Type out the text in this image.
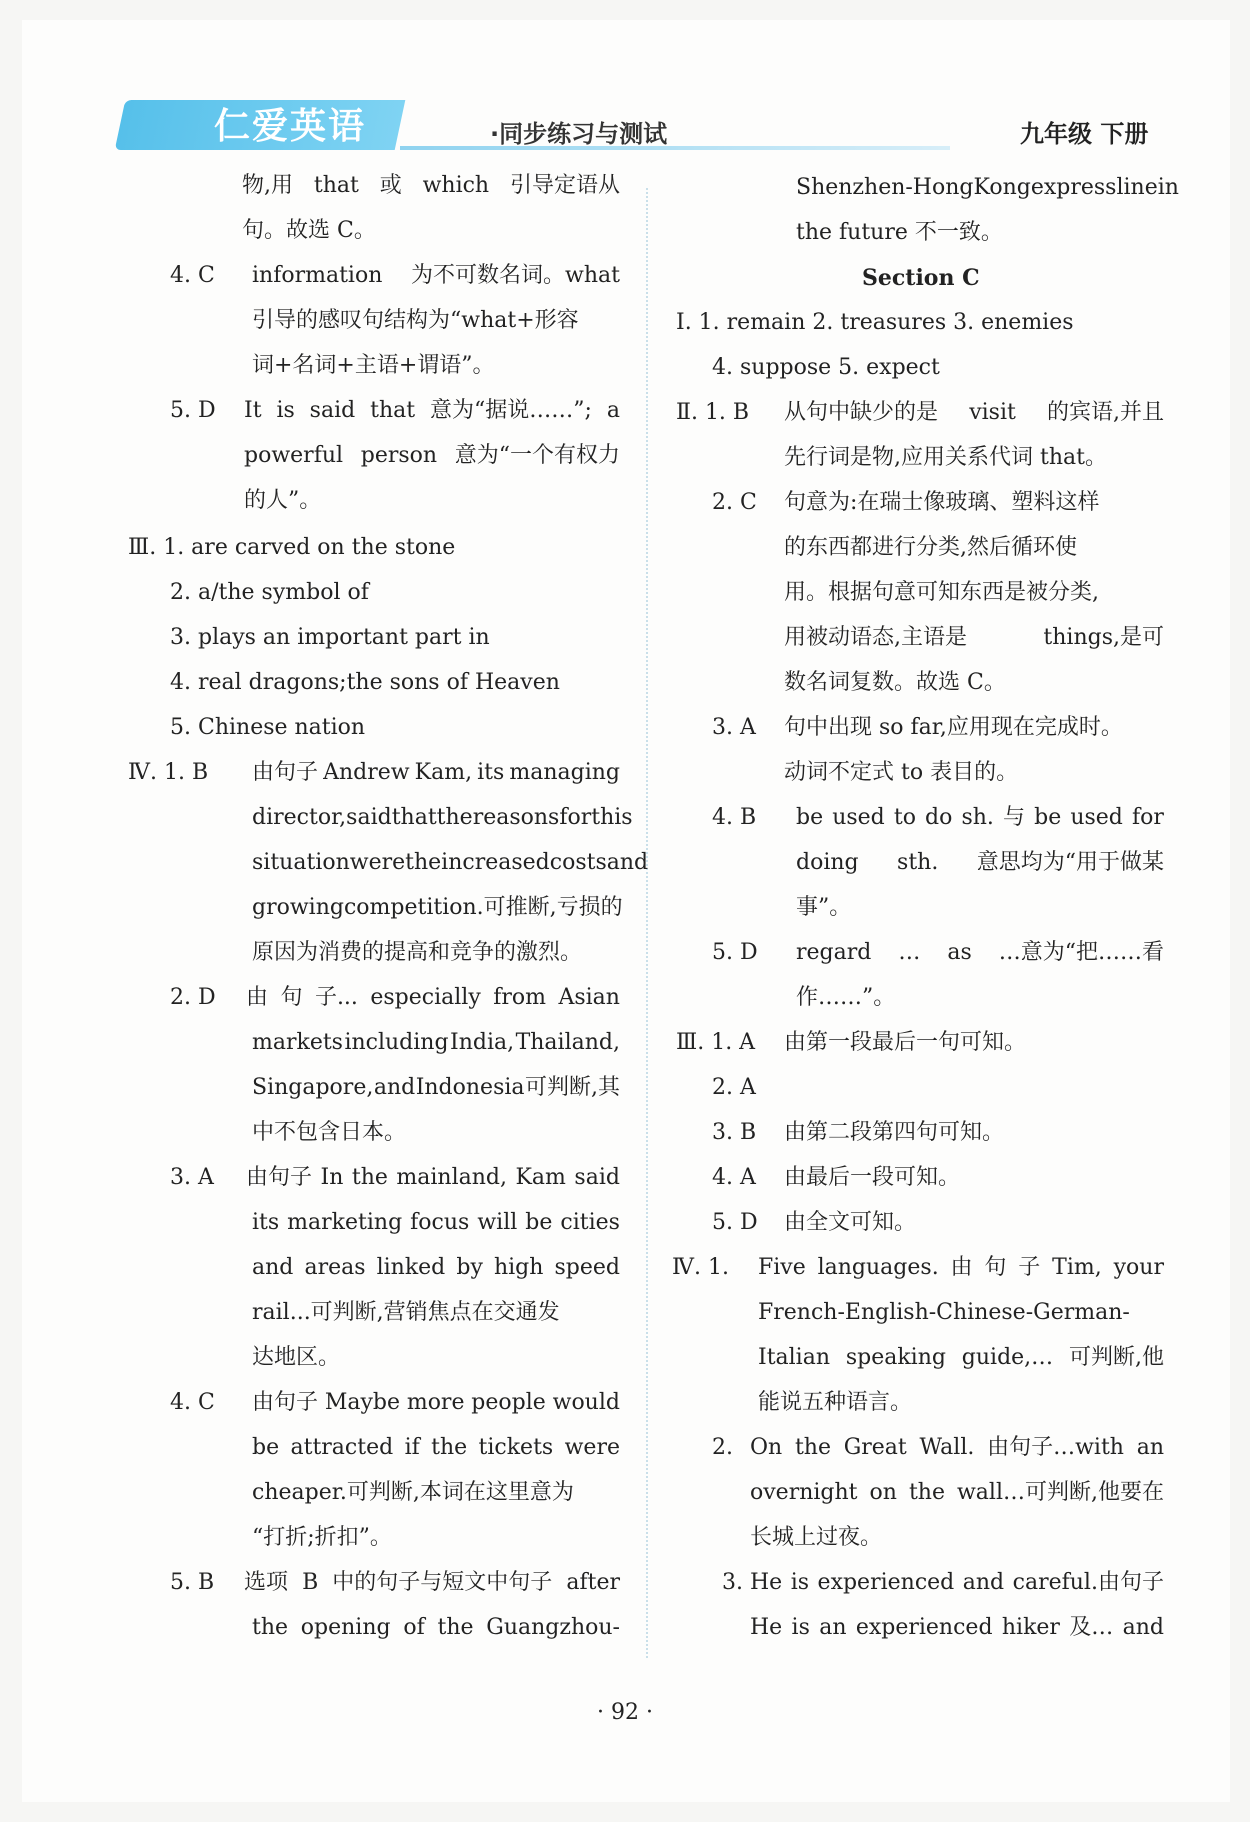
仁爱英语	·同步练习与测试	九年级 下册
物,用 that 或 which 引导定语从
句。故选 C。
4. C information 为不可数名词。what
引导的感叹句结构为“what+形容
词+名词+主语+谓语”。
5. D It is said that 意为“据说……”; a
powerful person 意为“一个有权力
的人”。
Ⅲ. 1. are carved on the stone
2. a/the symbol of
3. plays an important part in
4. real dragons;the sons of Heaven
5. Chinese nation
Ⅳ. 1. B 由句子 Andrew Kam, its managing
director, said that the reasons for this
situation were the increased costs and
growing competition.可推断,亏损的
原因为消费的提高和竞争的激烈。
2. D 由 句 子... especially from Asian
markets including India, Thailand,
Singapore, and Indonesia 可判断,其
中不包含日本。
3. A 由句子 In the mainland, Kam said
its marketing focus will be cities
and areas linked by high speed
rail...可判断,营销焦点在交通发
达地区。
4. C 由句子 Maybe more people would
be attracted if the tickets were
cheaper.可判断,本词在这里意为
“打折;折扣”。
5. B 选项 B 中的句子与短文中句子 after
the opening of the Guangzhou-
Shenzhen-Hong Kong express line in
the future 不一致。
Section C
Ⅰ. 1. remain 2. treasures 3. enemies
4. suppose 5. expect
Ⅱ. 1. B 从句中缺少的是 visit 的宾语,并且
先行词是物,应用关系代词 that。
2. C 句意为:在瑞士像玻璃、塑料这样
的东西都进行分类,然后循环使
用。根据句意可知东西是被分类,
用被动语态,主语是	things,是可
数名词复数。故选 C。
3. A 句中出现 so far,应用现在完成时。
动词不定式 to 表目的。
4. B be used to do sh. 与 be used for
doing sth. 意思均为“用于做某
事”。
5. D regard … as …意为“把……看
作……”。
Ⅲ. 1. A 由第一段最后一句可知。
2. A
3. B 由第二段第四句可知。
4. A 由最后一段可知。
5. D 由全文可知。
Ⅳ. 1. Five languages. 由 句 子 Tim, your
French-English-Chinese-German-
Italian speaking guide,… 可判断,他
能说五种语言。
2. On the Great Wall. 由句子…with an
overnight on the wall…可判断,他要在
长城上过夜。
3. He is experienced and careful.由句子
He is an experienced hiker 及… and
· 92 ·
